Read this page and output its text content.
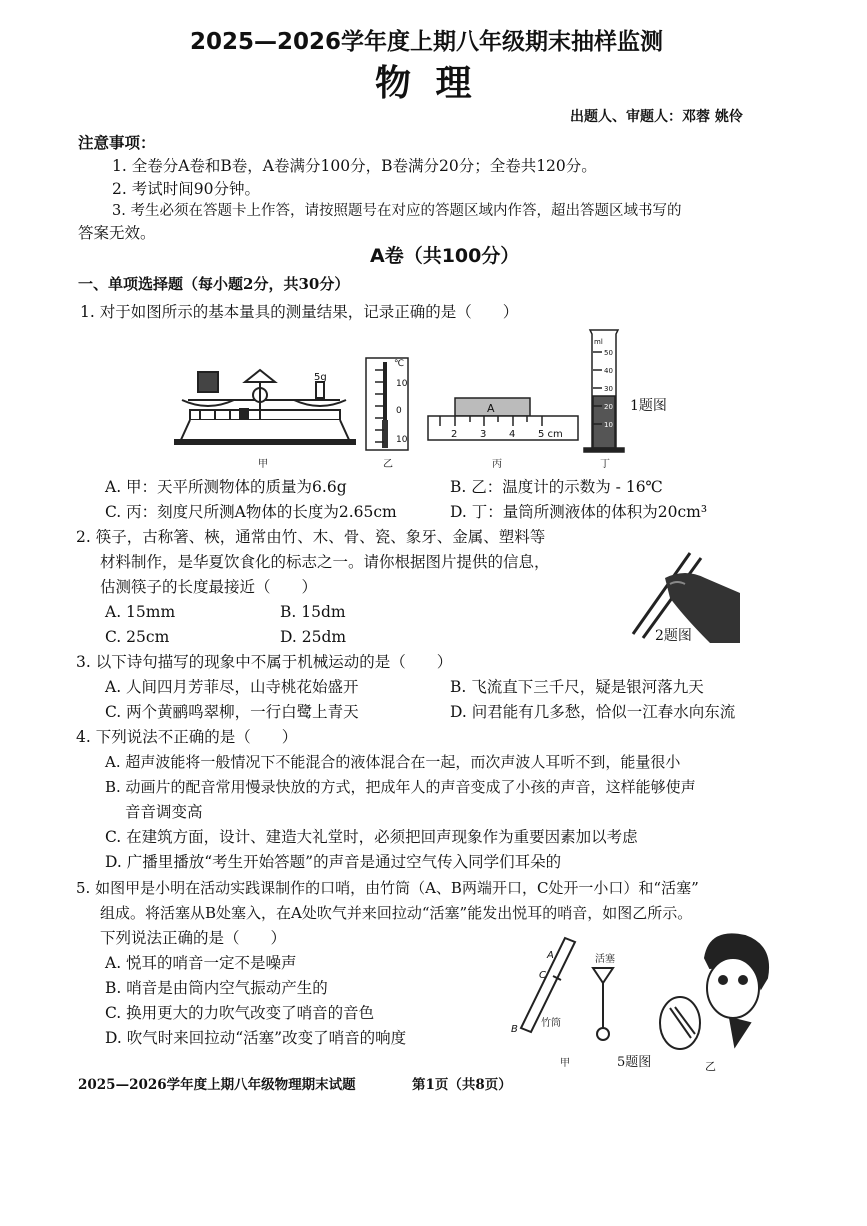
2025—2026学年度上期八年级期末抽样监测
物 理
出题人、审题人：邓蓉 姚伶
注意事项：
1. 全卷分A卷和B卷，A卷满分100分，B卷满分20分；全卷共120分。
2. 考试时间90分钟。
3. 考生必须在答题卡上作答，请按照题号在对应的答题区域内作答，超出答题区域书写的
答案无效。
A卷（共100分）
一、单项选择题（每小题2分，共30分）
1. 对于如图所示的基本量具的测量结果，记录正确的是（　　）
5g
甲
℃
10
0
10
乙
A
2 3 4 5 cm
丙
ml
50
40
30
20
10
丁
1题图
A. 甲：天平所测物体的质量为6.6g	B. 乙：温度计的示数为 - 16℃
C. 丙：刻度尺所测A物体的长度为2.65cm	D. 丁：量筒所测液体的体积为20cm³
2. 筷子，古称箸、梜，通常由竹、木、骨、瓷、象牙、金属、塑料等
材料制作，是华夏饮食化的标志之一。请你根据图片提供的信息，
估测筷子的长度最接近（　　）
A. 15mm	B. 15dm
C. 25cm	D. 25dm	2题图
3. 以下诗句描写的现象中不属于机械运动的是（　　）
A. 人间四月芳菲尽，山寺桃花始盛开	B. 飞流直下三千尺，疑是银河落九天
C. 两个黄鹂鸣翠柳，一行白鹭上青天	D. 问君能有几多愁，恰似一江春水向东流
4. 下列说法不正确的是（　　）
A. 超声波能将一般情况下不能混合的液体混合在一起，而次声波人耳听不到，能量很小
B. 动画片的配音常用慢录快放的方式，把成年人的声音变成了小孩的声音，这样能够使声
音音调变高
C. 在建筑方面，设计、建造大礼堂时，必须把回声现象作为重要因素加以考虑
D. 广播里播放“考生开始答题”的声音是通过空气传入同学们耳朵的
5. 如图甲是小明在活动实践课制作的口哨，由竹筒（A、B两端开口，C处开一小口）和“活塞”
组成。将活塞从B处塞入，在A处吹气并来回拉动“活塞”能发出悦耳的哨音，如图乙所示。
下列说法正确的是（　　）
A. 悦耳的哨音一定不是噪声
B. 哨音是由筒内空气振动产生的
C. 换用更大的力吹气改变了哨音的音色
D. 吹气时来回拉动“活塞”改变了哨音的响度
A
C
B
竹筒
活塞
甲	乙
5题图
2025—2026学年度上期八年级物理期末试题	第1页（共8页）
